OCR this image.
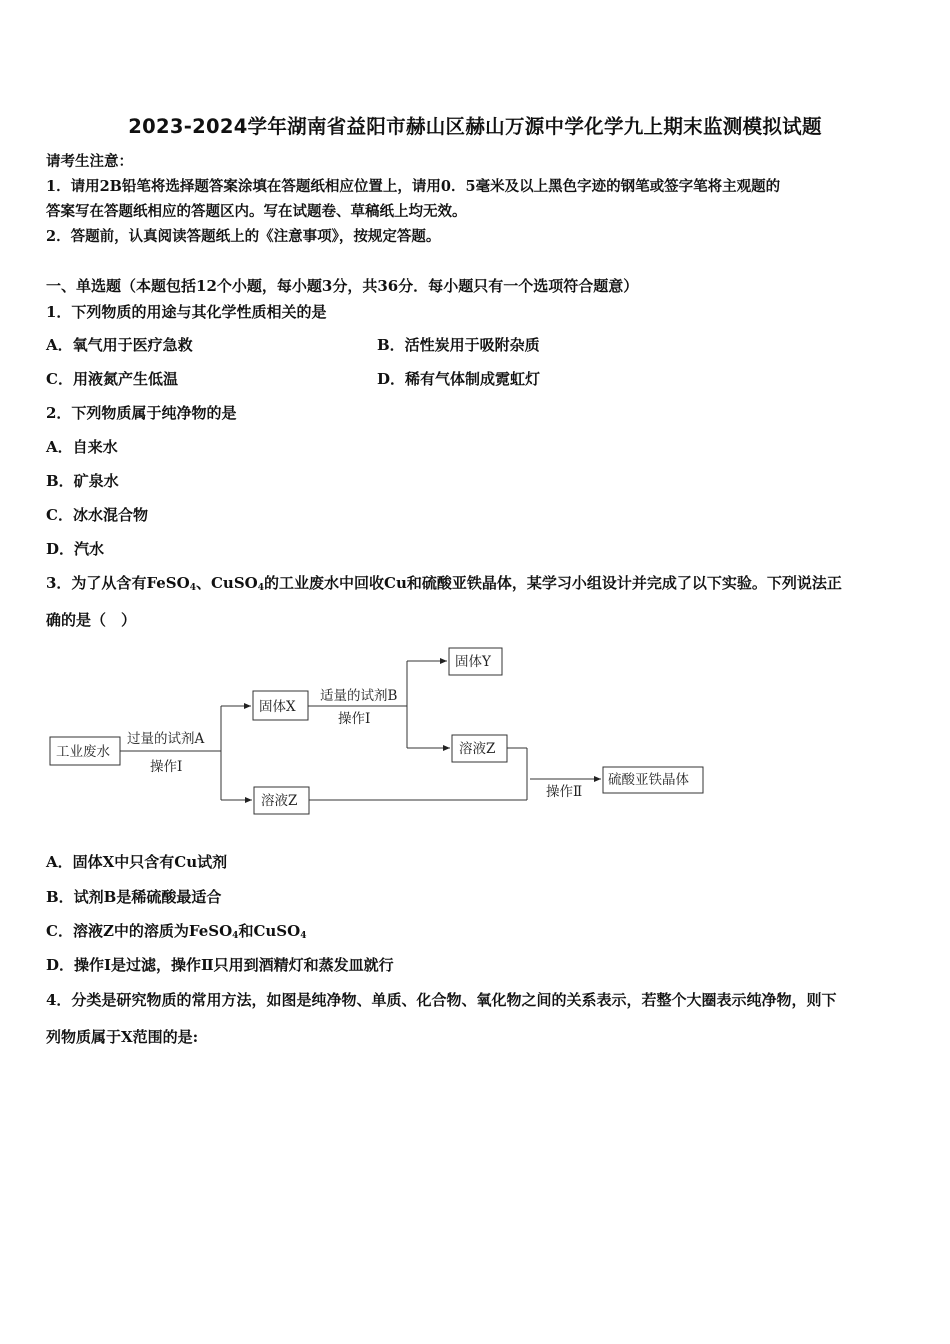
2023-2024学年湖南省益阳市赫山区赫山万源中学化学九上期末监测模拟试题
请考生注意：
1．请用2B铅笔将选择题答案涂填在答题纸相应位置上，请用0．5毫米及以上黑色字迹的钢笔或签字笔将主观题的
答案写在答题纸相应的答题区内。写在试题卷、草稿纸上均无效。
2．答题前，认真阅读答题纸上的《注意事项》，按规定答题。
一、单选题（本题包括12个小题，每小题3分，共36分．每小题只有一个选项符合题意）
1．下列物质的用途与其化学性质相关的是
A．氧气用于医疗急救	B．活性炭用于吸附杂质
C．用液氮产生低温	D．稀有气体制成霓虹灯
2．下列物质属于纯净物的是
A．自来水
B．矿泉水
C．冰水混合物
D．汽水
3．为了从含有FeSO$_4$、CuSO$_4$的工业废水中回收Cu和硫酸亚铁晶体，某学习小组设计并完成了以下实验。下列说法正
确的是（　）
工业废水
过量的试剂A
操作Ⅰ
固体X
适量的试剂B
操作Ⅰ
固体Y
溶液Z
溶液Z
操作Ⅱ
硫酸亚铁晶体
A．固体X中只含有Cu试剂
B．试剂B是稀硫酸最适合
C．溶液Z中的溶质为FeSO$_4$和CuSO$_4$
D．操作I是过滤，操作Ⅱ只用到酒精灯和蒸发皿就行
4．分类是研究物质的常用方法，如图是纯净物、单质、化合物、氧化物之间的关系表示，若整个大圈表示纯净物，则下
列物质属于X范围的是:
